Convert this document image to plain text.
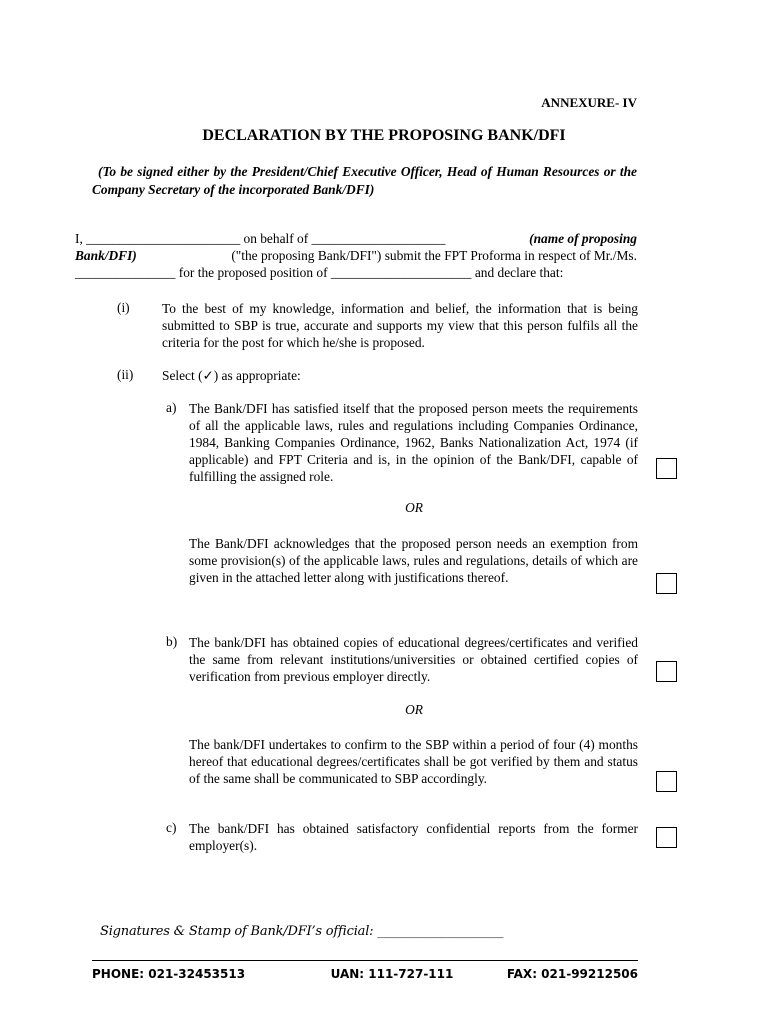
ANNEXURE- IV
DECLARATION BY THE PROPOSING BANK/DFI
(To be signed either by the President/Chief Executive Officer, Head of Human Resources or the Company Secretary of the incorporated Bank/DFI)
I, _______________________ on behalf of ____________________	(name of proposing
Bank/DFI)	("the proposing Bank/DFI") submit the FPT Proforma in respect of Mr./Ms.
_______________ for the proposed position of _____________________ and declare that:
(i) To the best of my knowledge, information and belief, the information that is being submitted to SBP is true, accurate and supports my view that this person fulfils all the criteria for the post for which he/she is proposed.
(ii) Select (✓) as appropriate:
a) The Bank/DFI has satisfied itself that the proposed person meets the requirements of all the applicable laws, rules and regulations including Companies Ordinance, 1984, Banking Companies Ordinance, 1962, Banks Nationalization Act, 1974 (if applicable) and FPT Criteria and is, in the opinion of the Bank/DFI, capable of fulfilling the assigned role.
OR
The Bank/DFI acknowledges that the proposed person needs an exemption from some provision(s) of the applicable laws, rules and regulations, details of which are given in the attached letter along with justifications thereof.
b) The bank/DFI has obtained copies of educational degrees/certificates and verified the same from relevant institutions/universities or obtained certified copies of verification from previous employer directly.
OR
The bank/DFI undertakes to confirm to the SBP within a period of four (4) months hereof that educational degrees/certificates shall be got verified by them and status of the same shall be communicated to SBP accordingly.
c) The bank/DFI has obtained satisfactory confidential reports from the former employer(s).
Signatures & Stamp of Bank/DFI’s official: ____________________
PHONE: 021-32453513	UAN: 111-727-111	FAX: 021-99212506
